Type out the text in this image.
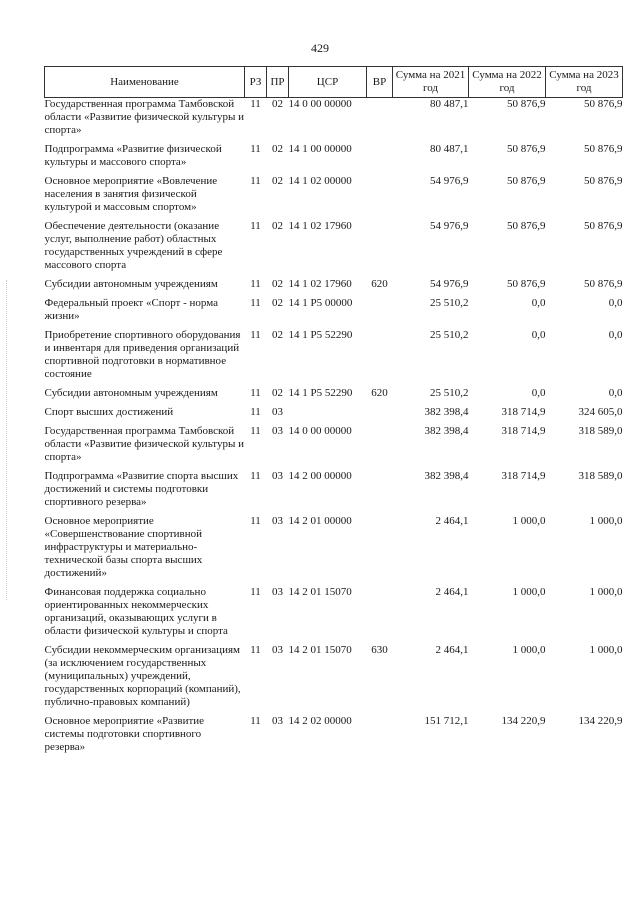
429
Наименование	РЗ	ПР	ЦСР	ВР	Сумма на 2021 год	Сумма на 2022 год	Сумма на 2023 год
Государственная программа Тамбовской области «Развитие физической культуры и спорта»	11	02	14 0 00 00000		80 487,1	50 876,9	50 876,9
Подпрограмма «Развитие физической культуры и массового спорта»	11	02	14 1 00 00000		80 487,1	50 876,9	50 876,9
Основное мероприятие «Вовлечение населения в занятия физической культурой и массовым спортом»	11	02	14 1 02 00000		54 976,9	50 876,9	50 876,9
Обеспечение деятельности (оказание услуг, выполнение работ) областных государственных учреждений в сфере массового спорта	11	02	14 1 02 17960		54 976,9	50 876,9	50 876,9
Субсидии автономным учреждениям	11	02	14 1 02 17960	620	54 976,9	50 876,9	50 876,9
Федеральный проект «Спорт - норма жизни»	11	02	14 1 Р5 00000		25 510,2	0,0	0,0
Приобретение спортивного оборудования и инвентаря для приведения организаций спортивной подготовки в нормативное состояние	11	02	14 1 Р5 52290		25 510,2	0,0	0,0
Субсидии автономным учреждениям	11	02	14 1 Р5 52290	620	25 510,2	0,0	0,0
Спорт высших достижений	11	03			382 398,4	318 714,9	324 605,0
Государственная программа Тамбовской области «Развитие физической культуры и спорта»	11	03	14 0 00 00000		382 398,4	318 714,9	318 589,0
Подпрограмма «Развитие спорта высших достижений и системы подготовки спортивного резерва»	11	03	14 2 00 00000		382 398,4	318 714,9	318 589,0
Основное мероприятие «Совершенствование спортивной инфраструктуры и материально-технической базы спорта высших достижений»	11	03	14 2 01 00000		2 464,1	1 000,0	1 000,0
Финансовая поддержка социально ориентированных некоммерческих организаций, оказывающих услуги в области физической культуры и спорта	11	03	14 2 01 15070		2 464,1	1 000,0	1 000,0
Субсидии некоммерческим организациям (за исключением государственных (муниципальных) учреждений, государственных корпораций (компаний), публично-правовых компаний)	11	03	14 2 01 15070	630	2 464,1	1 000,0	1 000,0
Основное мероприятие «Развитие системы подготовки спортивного резерва»	11	03	14 2 02 00000		151 712,1	134 220,9	134 220,9
